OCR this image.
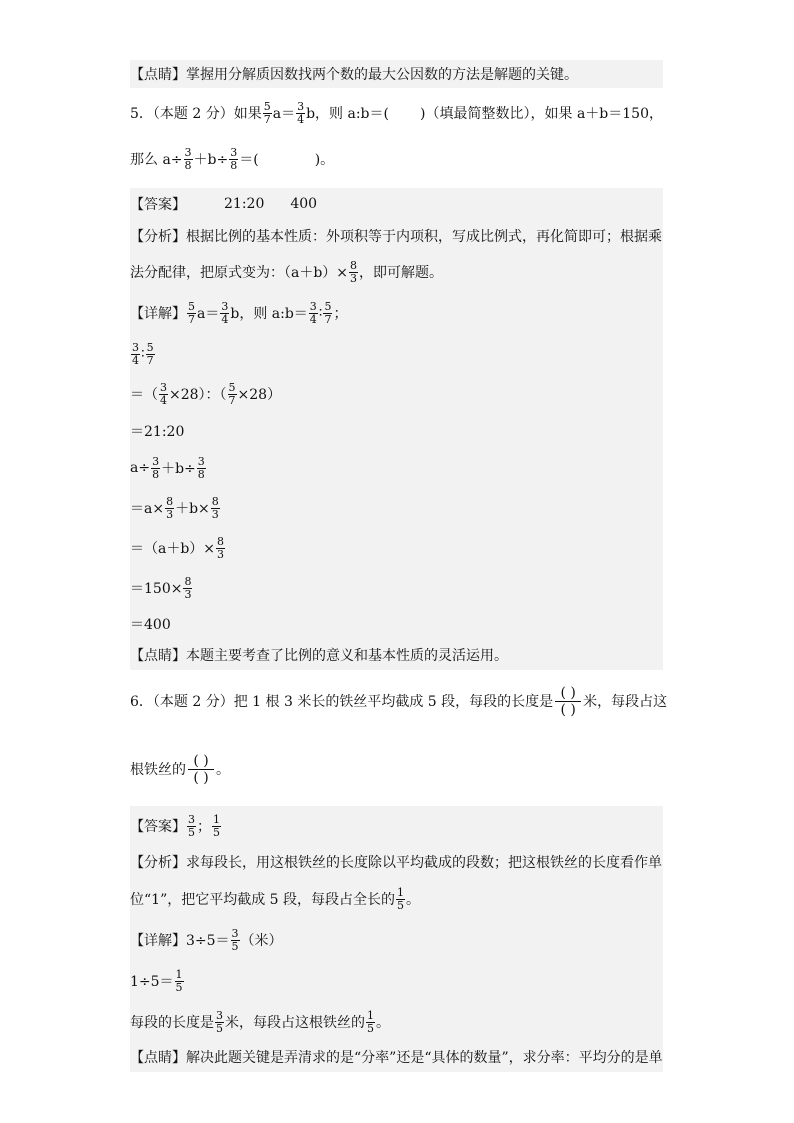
【点睛】掌握用分解质因数找两个数的最大公因数的方法是解题的关键。
5．（本题 2 分）如果 $\frac{5}{7} a= \frac{3}{4}$ b，则 a:b＝( )（填最简整数比），如果 a＋b＝150，
那么 $a\div \frac{3}{8} +b\div \frac{3}{8}$ ＝(	)。
【答案】	21:20 400
【分析】根据比例的基本性质：外项积等于内项积，写成比例式，再化简即可；根据乘
法分配律，把原式变为：$(a+b)\times \frac{8}{3}$ ，即可解题。
【详解】 $\frac{5}{7} a= \frac{3}{4}$ b，则 a:b＝ $\frac{3}{4}$ ∶ $\frac{5}{7}$ ；
$\frac{3}{4}$ ∶ $\frac{5}{7}$
＝（ $\frac{3}{4} \times 28$）：（ $\frac{5}{7} \times 28$）
＝21:20
$a\div \frac{3}{8} +b\div \frac{3}{8}$
$=a\times \frac{8}{3} +b\times \frac{8}{3}$
$=(a+b)\times \frac{8}{3}$
$=150\times \frac{8}{3}$
＝400
【点睛】本题主要考查了比例的意义和基本性质的灵活运用。
6．（本题 2 分）把 1 根 3 米长的铁丝平均截成 5 段，每段的长度是 $\frac{( )}{( )}$ 米，每段占这
根铁丝的 $\frac{( )}{( )}$ 。
【答案】 $\frac{3}{5}$ ； $\frac{1}{5}$
【分析】求每段长，用这根铁丝的长度除以平均截成的段数；把这根铁丝的长度看作单
位“1”，把它平均截成 5 段，每段占全长的 $\frac{1}{5}$ 。
【详解】 $3\div 5= \frac{3}{5}$ （米）
$1\div 5= \frac{1}{5}$
每段的长度是 $\frac{3}{5}$ 米，每段占这根铁丝的 $\frac{1}{5}$ 。
【点睛】解决此题关键是弄清求的是“分率”还是“具体的数量”，求分率：平均分的是单
